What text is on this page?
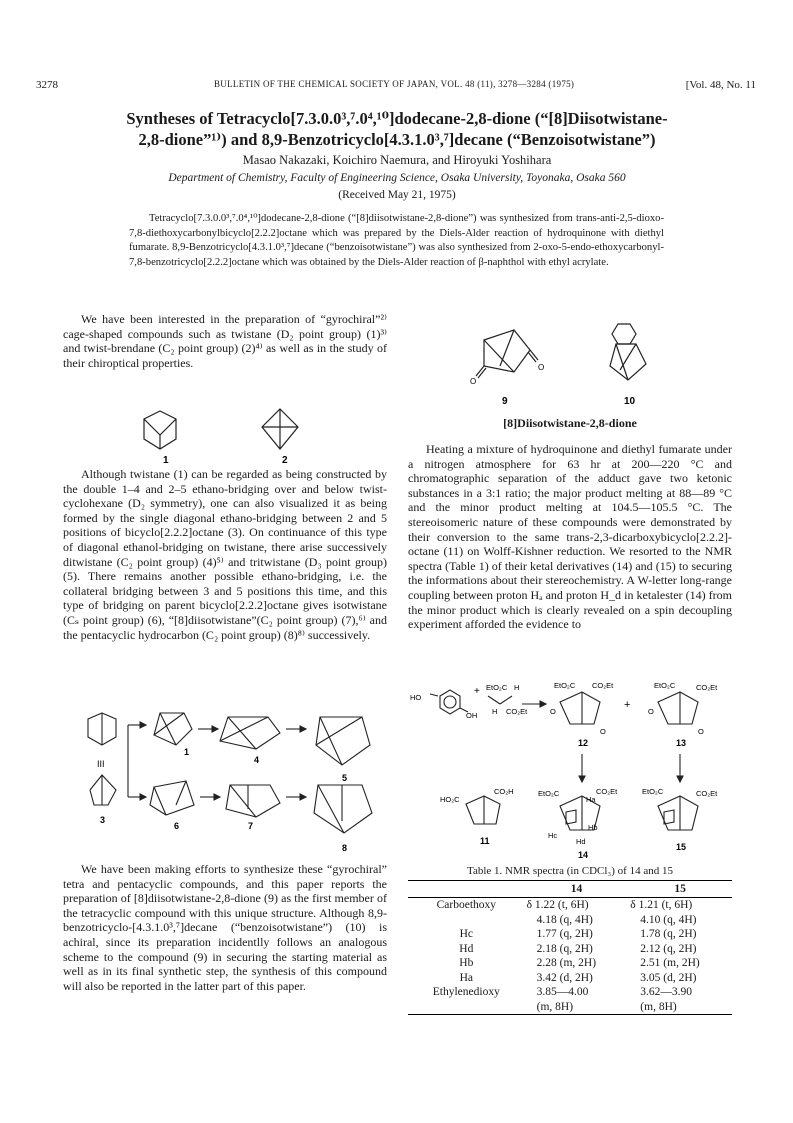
3278	BULLETIN OF THE CHEMICAL SOCIETY OF JAPAN, VOL. 48 (11), 3278—3284 (1975)	[Vol. 48, No. 11
Syntheses of Tetracyclo[7.3.0.0³,⁷.0⁴,¹⁰]dodecane-2,8-dione (“[8]Diisotwistane-
2,8-dione”¹⁾) and 8,9-Benzotricyclo[4.3.1.0³,⁷]decane (“Benzoisotwistane”)
Masao Nakazaki, Koichiro Naemura, and Hiroyuki Yoshihara
Department of Chemistry, Faculty of Engineering Science, Osaka University, Toyonaka, Osaka 560
(Received May 21, 1975)

Tetracyclo[7.3.0.0³,⁷.0⁴,¹⁰]dodecane-2,8-dione (“[8]diisotwistane-2,8-dione”) was synthesized from trans-anti-2,5-dioxo-7,8-diethoxycarbonylbicyclo[2.2.2]octane which was prepared by the Diels-Alder reaction of hydroquinone with diethyl fumarate. 8,9-Benzotricyclo[4.3.1.0³,⁷]decane (“benzoisotwistane”) was also synthesized from 2-oxo-5-endo-ethoxycarbonyl-7,8-benzotricyclo[2.2.2]octane which was obtained by the Diels-Alder reaction of β-naphthol with ethyl acrylate.

We have been interested in the preparation of “gyrochiral”²⁾ cage-shaped compounds such as twistane (D₂ point group) (1)³⁾ and twist-brendane (C₂ point group) (2)⁴⁾ as well as in the study of their chiroptical properties.

1	2

Although twistane (1) can be regarded as being constructed by the double 1–4 and 2–5 ethano-bridging over and below twist-cyclohexane (D₂ symmetry), one can also visualized it as being formed by the single diagonal ethano-bridging between 2 and 5 positions of bicyclo[2.2.2]octane (3). On continuance of this type of diagonal ethanol-bridging on twistane, there arise successively ditwistane (C₂ point group) (4)⁵⁾ and tritwistane (D₃ point group) (5). There remains another possible ethano-bridging, i.e. the collateral bridging between 3 and 5 positions this time, and this type of bridging on parent bicyclo[2.2.2]octane gives isotwistane (Cₛ point group) (6), “[8]diisotwistane”(C₂ point group) (7),⁶⁾ and the pentacyclic hydrocarbon (C₂ point group) (8)⁸⁾ successively.

III
3
1
4
5
6	7
8

We have been making efforts to synthesize these “gyrochiral” tetra and pentacyclic compounds, and this paper reports the preparation of [8]diisotwistane-2,8-dione (9) as the first member of the tetracyclic compound with this unique structure. Although 8,9-benzotricyclo-[4.3.1.0³,⁷]decane (“benzoisotwistane”) (10) is achiral, since its preparation incidentlly follows an analogous scheme to the compound (9) in securing the starting material as well as in its final synthetic step, the synthesis of this compound will also be reported in the latter part of this paper.

O
O
9	10
[8]Diisotwistane-2,8-dione

Heating a mixture of hydroquinone and diethyl fumarate under a nitrogen atmosphere for 63 hr at 200—220 °C and chromatographic separation of the adduct gave two ketonic substances in a 3:1 ratio; the major product melting at 88—89 °C and the minor product melting at 104.5—105.5 °C. The stereoisomeric nature of these compounds were demonstrated by their conversion to the same trans-2,3-dicarboxybicyclo[2.2.2]-octane (11) on Wolff-Kishner reduction. We resorted to the NMR spectra (Table 1) of their ketal derivatives (14) and (15) to securing the informations about their stereochemistry. A W-letter long-range coupling between proton Hₐ and proton H_d in ketalester (14) from the minor product which is clearly revealed on a spin decoupling experiment afforded the evidence to

HO
OH
+ EtO₂C
CO₂Et
H
H
EtO₂C CO₂Et
O
O
+
EtO₂C	CO₂Et
O
O
HO₂C
CO₂H	EtO₂C	CO₂Et
Hc
Hb
Ha
Hd
EtO₂C	CO₂Et
12	13
11
14
15
Table 1. NMR spectra (in CDCl₃) of 14 and 15
	14	15
Carboethoxy	δ 1.22 (t, 6H)	δ 1.21 (t, 6H)
	4.18 (q, 4H)	4.10 (q, 4H)
Hc	1.77 (q, 2H)	1.78 (q, 2H)
Hd	2.18 (q, 2H)	2.12 (q, 2H)
Hb	2.28 (m, 2H)	2.51 (m, 2H)
Ha	3.42 (d, 2H)	3.05 (d, 2H)
Ethylenedioxy	3.85—4.00	3.62—3.90
	(m, 8H)	(m, 8H)
